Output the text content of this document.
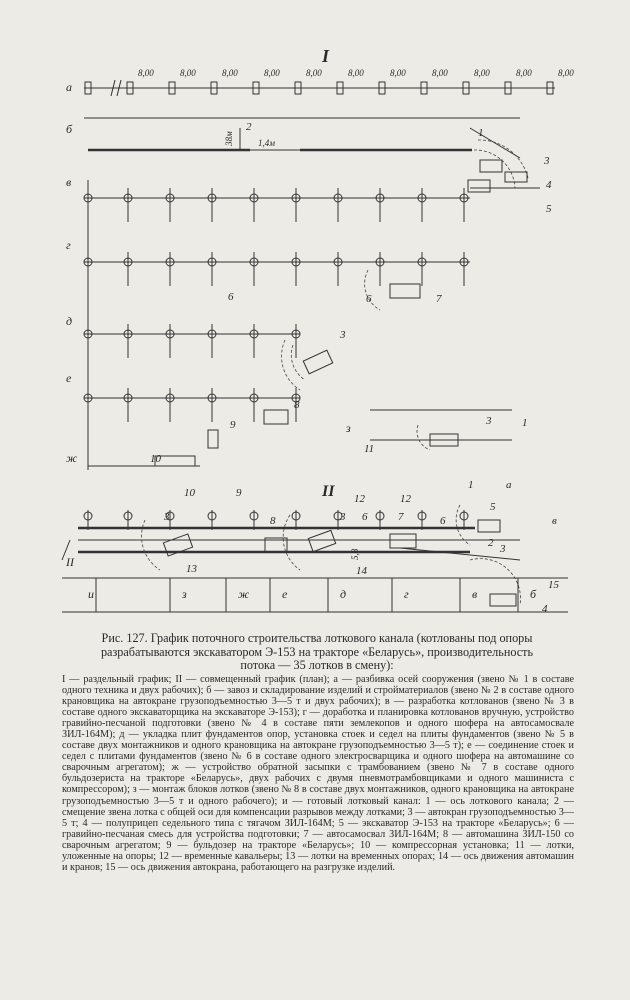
I
8,00	8,00	8,00	8,00	8,00	8,00	8,00	8,00	8,00	8,00	8,00
II
и	з	ж	е	д	г	в	б
II
а
б
в
г
д
е
ж
з
38м	1,4м
5,8
1
2
3
4
5
6	6	7
3
8
9
10
11
1
3
10	9
3	8
12
3 6	7	6
12
5
1
13	14
2 3
15
4
a
в
Рис. 127. График поточного строительства лоткового канала (котлованы под опоры
разрабатываются экскаватором Э-153 на тракторе «Беларусь», производительность
потока — 35 лотков в смену):
I — раздельный график; II — совмещенный график (план); а — разбивка осей сооружения (звено № 1 в составе одного техника и двух рабочих); б — завоз и складирование изделий и стройматериалов (звено № 2 в составе одного крановщика на автокране грузоподъемностью 3—5 т и двух рабочих); в — разработка котлованов (звено № 3 в составе одного экскаваторщика на экскаваторе Э-153); г — доработка и планировка котлованов вручную, устройство гравийно-песчаной подготовки (звено № 4 в составе пяти землекопов и одного шофера на автосамосвале ЗИЛ-164М); д — укладка плит фундаментов опор, установка стоек и седел на плиты фундаментов (звено № 5 в составе двух монтажников и одного крановщика на автокране грузоподъемностью 3—5 т); е — соединение стоек и седел с плитами фундаментов (звено № 6 в составе одного электросварщика и одного шофера на автомашине со сварочным агрегатом); ж — устройство обратной засыпки с трамбованием (звено № 7 в составе одного бульдозериста на тракторе «Беларусь», двух рабочих с двумя пневмотрамбовщиками и одного машиниста с компрессором); з — монтаж блоков лотков (звено № 8 в составе двух монтажников, одного крановщика на автокране грузоподъемностью 3—5 т и одного рабочего); и — готовый лотковый канал: 1 — ось лоткового канала; 2 — смещение звена лотка с общей оси для компенсации разрывов между лотками; 3 — автокран грузоподъемностью 3—5 т; 4 — полуприцеп седельного типа с тягачом ЗИЛ-164М; 5 — экскаватор Э-153 на тракторе «Беларусь»; 6 — гравийно-песчаная смесь для устройства подготовки; 7 — автосамосвал ЗИЛ-164М; 8 — автомашина ЗИЛ-150 со сварочным агрегатом; 9 — бульдозер на тракторе «Беларусь»; 10 — компрессорная установка; 11 — лотки, уложенные на опоры; 12 — временные кавальеры; 13 — лотки на временных опорах; 14 — ось движения автомашин и кранов; 15 — ось движения автокрана, работающего на разгрузке изделий.
